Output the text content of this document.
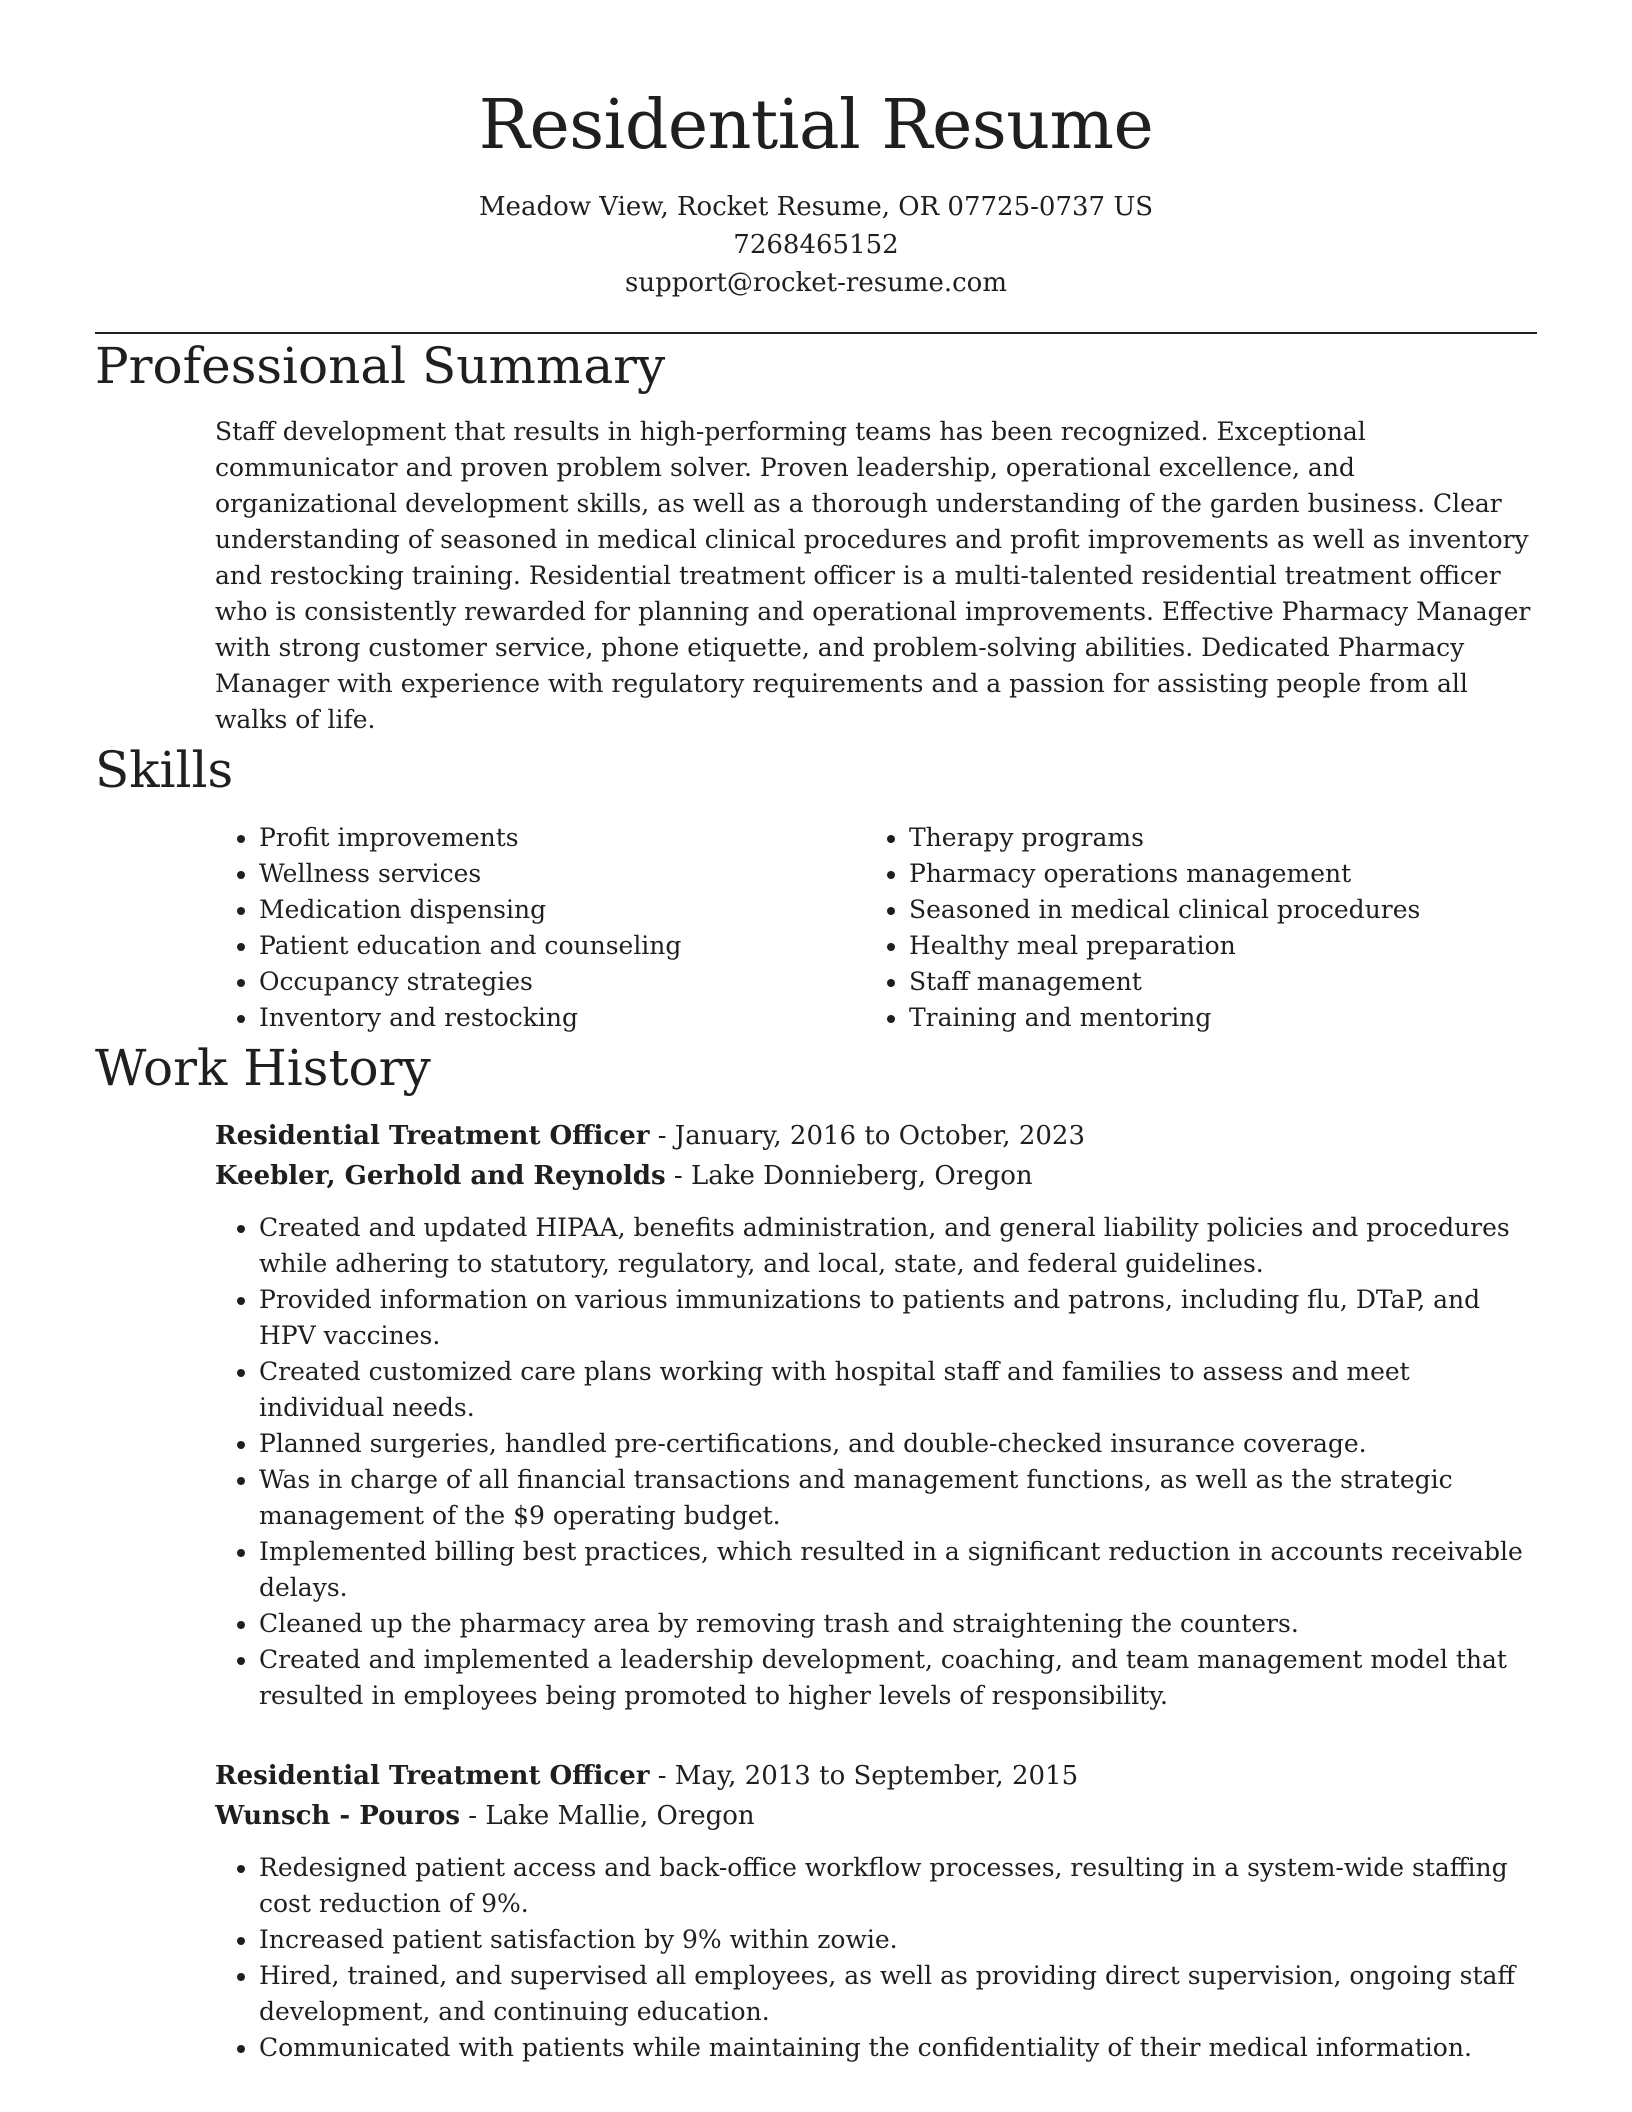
Residential Resume
Meadow View, Rocket Resume, OR 07725-0737 US
7268465152
support@rocket-resume.com
Professional Summary

Staff development that results in high-performing teams has been recognized. Exceptional communicator and proven problem solver. Proven leadership, operational excellence, and organizational development skills, as well as a thorough understanding of the garden business. Clear understanding of seasoned in medical clinical procedures and profit improvements as well as inventory and restocking training. Residential treatment officer is a multi-talented residential treatment officer who is consistently rewarded for planning and operational improvements. Effective Pharmacy Manager with strong customer service, phone etiquette, and problem-solving abilities. Dedicated Pharmacy Manager with experience with regulatory requirements and a passion for assisting people from all walks of life.

Skills
• Profit improvements
• Wellness services
• Medication dispensing
• Patient education and counseling
• Occupancy strategies
• Inventory and restocking
• Therapy programs
• Pharmacy operations management
• Seasoned in medical clinical procedures
• Healthy meal preparation
• Staff management
• Training and mentoring
Work History
Residential Treatment Officer - January, 2016 to October, 2023
Keebler, Gerhold and Reynolds - Lake Donnieberg, Oregon
• Created and updated HIPAA, benefits administration, and general liability policies and procedures while adhering to statutory, regulatory, and local, state, and federal guidelines.
• Provided information on various immunizations to patients and patrons, including flu, DTaP, and HPV vaccines.
• Created customized care plans working with hospital staff and families to assess and meet individual needs.
• Planned surgeries, handled pre-certifications, and double-checked insurance coverage.
• Was in charge of all financial transactions and management functions, as well as the strategic management of the $9 operating budget.
• Implemented billing best practices, which resulted in a significant reduction in accounts receivable delays.
• Cleaned up the pharmacy area by removing trash and straightening the counters.
• Created and implemented a leadership development, coaching, and team management model that resulted in employees being promoted to higher levels of responsibility.
Residential Treatment Officer - May, 2013 to September, 2015
Wunsch - Pouros - Lake Mallie, Oregon
• Redesigned patient access and back-office workflow processes, resulting in a system-wide staffing cost reduction of 9%.
• Increased patient satisfaction by 9% within zowie.
• Hired, trained, and supervised all employees, as well as providing direct supervision, ongoing staff development, and continuing education.
• Communicated with patients while maintaining the confidentiality of their medical information.
